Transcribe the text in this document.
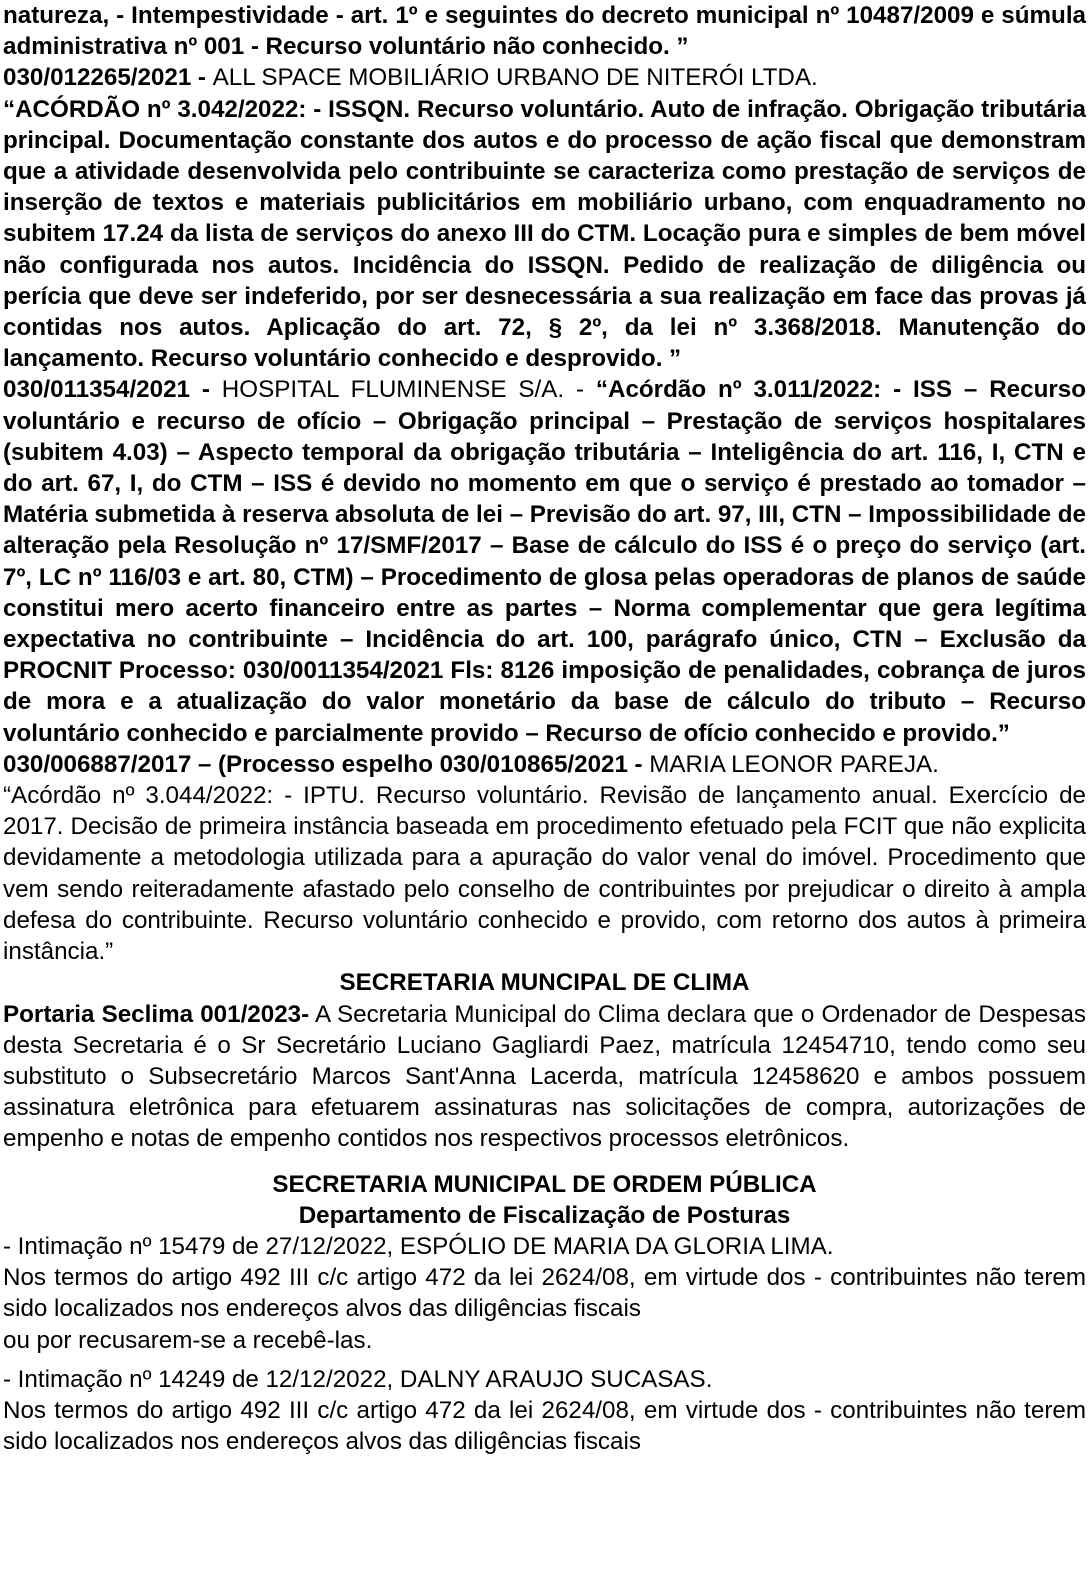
natureza, - Intempestividade - art. 1º e seguintes do decreto municipal nº 10487/2009 e súmula administrativa nº 001 - Recurso voluntário não conhecido. ”

030/012265/2021 - ALL SPACE MOBILIÁRIO URBANO DE NITERÓI LTDA.

“ACÓRDÃO nº 3.042/2022: - ISSQN. Recurso voluntário. Auto de infração. Obrigação tributária principal. Documentação constante dos autos e do processo de ação fiscal que demonstram que a atividade desenvolvida pelo contribuinte se caracteriza como prestação de serviços de inserção de textos e materiais publicitários em mobiliário urbano, com enquadramento no subitem 17.24 da lista de serviços do anexo III do CTM. Locação pura e simples de bem móvel não configurada nos autos. Incidência do ISSQN. Pedido de realização de diligência ou perícia que deve ser indeferido, por ser desnecessária a sua realização em face das provas já contidas nos autos. Aplicação do art. 72, § 2º, da lei nº 3.368/2018. Manutenção do lançamento. Recurso voluntário conhecido e desprovido. ”

030/011354/2021 - HOSPITAL FLUMINENSE S/A. - “Acórdão nº 3.011/2022: - ISS – Recurso voluntário e recurso de ofício – Obrigação principal – Prestação de serviços hospitalares (subitem 4.03) – Aspecto temporal da obrigação tributária – Inteligência do art. 116, I, CTN e do art. 67, I, do CTM – ISS é devido no momento em que o serviço é prestado ao tomador – Matéria submetida à reserva absoluta de lei – Previsão do art. 97, III, CTN – Impossibilidade de alteração pela Resolução nº 17/SMF/2017 – Base de cálculo do ISS é o preço do serviço (art. 7º, LC nº 116/03 e art. 80, CTM) – Procedimento de glosa pelas operadoras de planos de saúde constitui mero acerto financeiro entre as partes – Norma complementar que gera legítima expectativa no contribuinte – Incidência do art. 100, parágrafo único, CTN – Exclusão da PROCNIT Processo: 030/0011354/2021 Fls: 8126 imposição de penalidades, cobrança de juros de mora e a atualização do valor monetário da base de cálculo do tributo – Recurso voluntário conhecido e parcialmente provido – Recurso de ofício conhecido e provido.”

030/006887/2017 – (Processo espelho 030/010865/2021 - MARIA LEONOR PAREJA.

“Acórdão nº 3.044/2022: - IPTU. Recurso voluntário. Revisão de lançamento anual. Exercício de 2017. Decisão de primeira instância baseada em procedimento efetuado pela FCIT que não explicita devidamente a metodologia utilizada para a apuração do valor venal do imóvel. Procedimento que vem sendo reiteradamente afastado pelo conselho de contribuintes por prejudicar o direito à ampla defesa do contribuinte. Recurso voluntário conhecido e provido, com retorno dos autos à primeira instância.”

SECRETARIA MUNCIPAL DE CLIMA

Portaria Seclima 001/2023- A Secretaria Municipal do Clima declara que o Ordenador de Despesas desta Secretaria é o Sr Secretário Luciano Gagliardi Paez, matrícula 12454710, tendo como seu substituto o Subsecretário Marcos Sant'Anna Lacerda, matrícula 12458620 e ambos possuem assinatura eletrônica para efetuarem assinaturas nas solicitações de compra, autorizações de empenho e notas de empenho contidos nos respectivos processos eletrônicos.

SECRETARIA MUNICIPAL DE ORDEM PÚBLICA

Departamento de Fiscalização de Posturas

- Intimação nº 15479 de 27/12/2022, ESPÓLIO DE MARIA DA GLORIA LIMA.

Nos termos do artigo 492 III c/c artigo 472 da lei 2624/08, em virtude dos - contribuintes não terem sido localizados nos endereços alvos das diligências fiscais

ou por recusarem-se a recebê-las.

- Intimação nº 14249 de 12/12/2022, DALNY ARAUJO SUCASAS.

Nos termos do artigo 492 III c/c artigo 472 da lei 2624/08, em virtude dos - contribuintes não terem sido localizados nos endereços alvos das diligências fiscais
